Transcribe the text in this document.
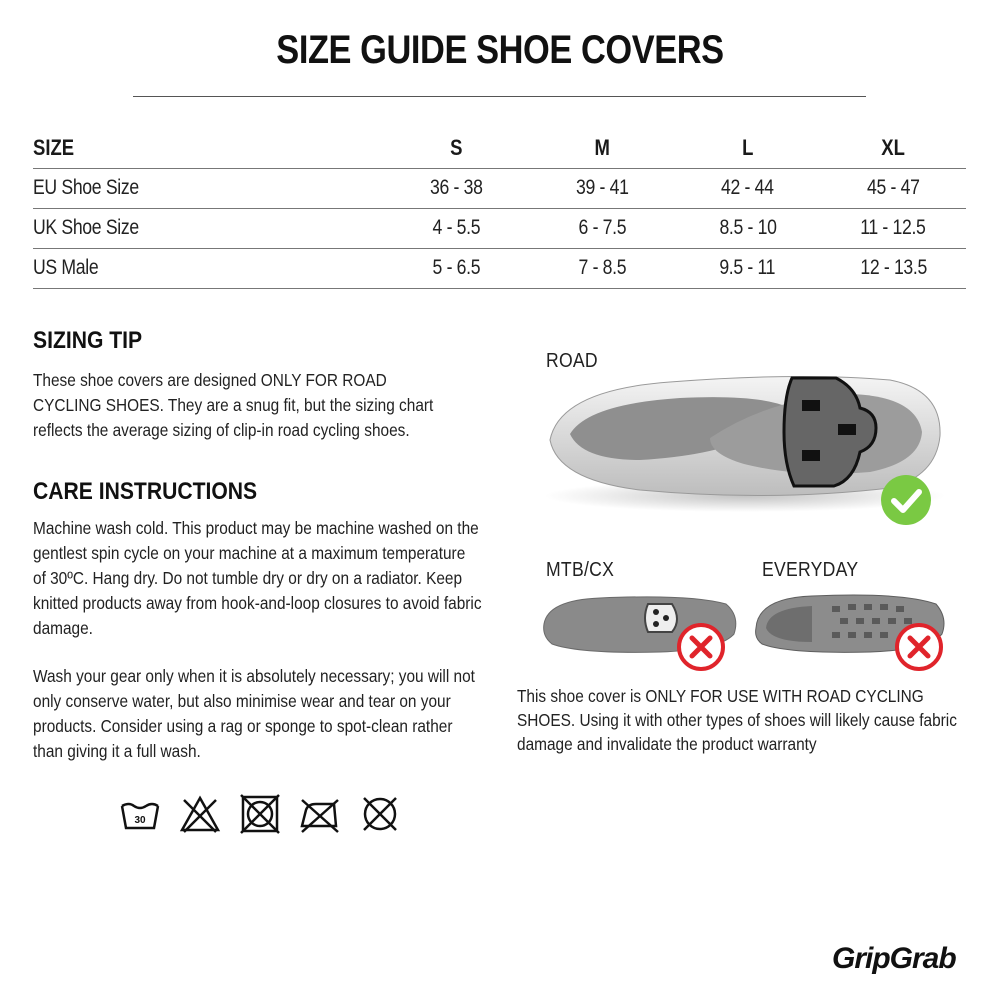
SIZE GUIDE SHOE COVERS
SIZE	S	M	L	XL
EU Shoe Size	36 - 38	39 - 41	42 - 44	45 - 47
UK Shoe Size	4 - 5.5	6 - 7.5	8.5 - 10	11 - 12.5
US Male	5 - 6.5	7 - 8.5	9.5 - 11	12 - 13.5
SIZING TIP
These shoe covers are designed ONLY FOR ROAD CYCLING SHOES. They are a snug fit, but the sizing chart reflects the average sizing of clip-in road cycling shoes.
CARE INSTRUCTIONS
Machine wash cold. This product may be machine washed on the gentlest spin cycle on your machine at a maximum temperature of 30ºC. Hang dry. Do not tumble dry or dry on a radiator. Keep knitted products away from hook-and-loop closures to avoid fabric damage.
Wash your gear only when it is absolutely necessary; you will not only conserve water, but also minimise wear and tear on your products. Consider using a rag or sponge to spot-clean rather than giving it a full wash.
30
ROAD
MTB/CX	EVERYDAY
This shoe cover is ONLY FOR USE WITH ROAD CYCLING SHOES. Using it with other types of shoes will likely cause fabric damage and invalidate the product warranty
GripGrab
